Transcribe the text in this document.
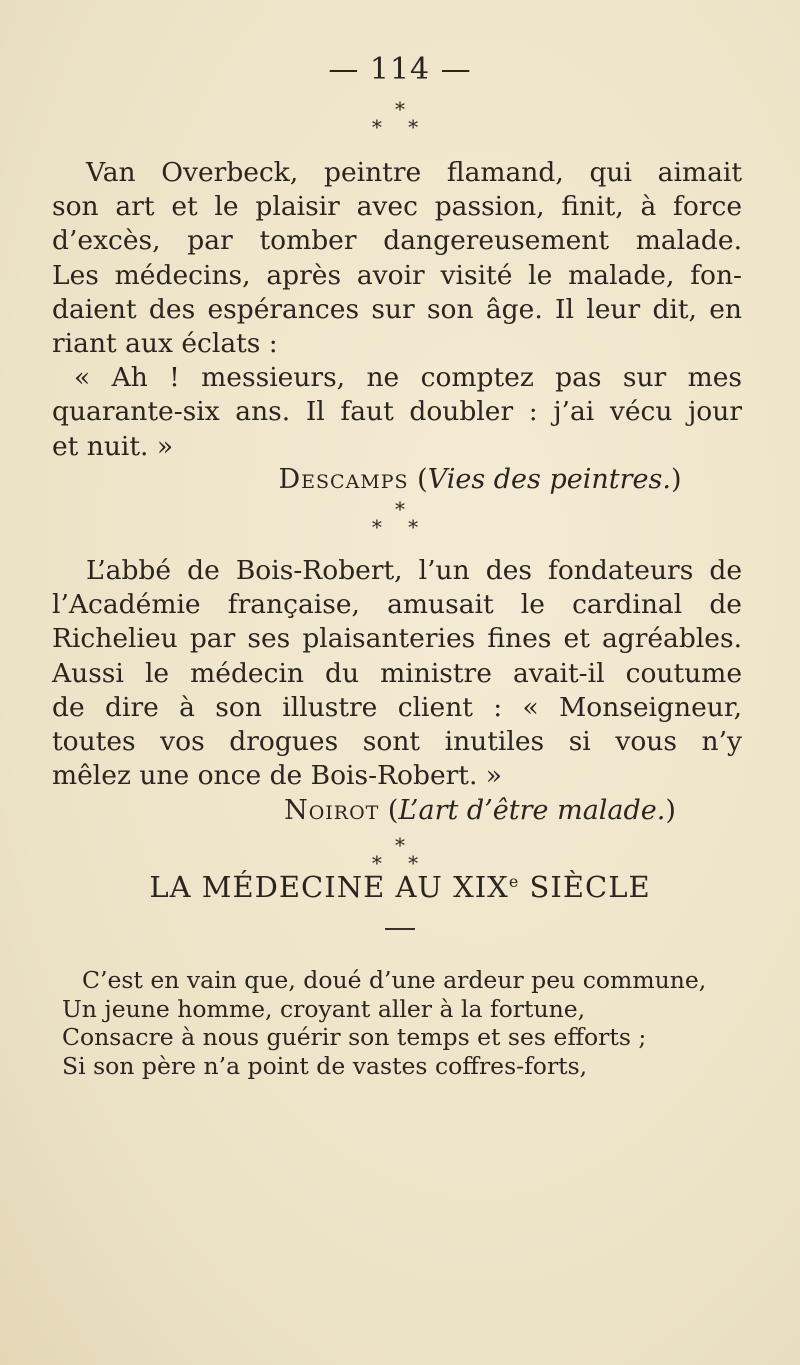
— 114 —
*
* *
Van Overbeck, peintre flamand, qui aimait
son art et le plaisir avec passion, finit, à force
d’excès, par tomber dangereusement malade.
Les médecins, après avoir visité le malade, fon-
daient des espérances sur son âge. Il leur dit, en
riant aux éclats :
« Ah ! messieurs, ne comptez pas sur mes
quarante-six ans. Il faut doubler : j’ai vécu jour
et nuit. »
Descamps (Vies des peintres.)
*
* *
L’abbé de Bois-Robert, l’un des fondateurs de
l’Académie française, amusait le cardinal de
Richelieu par ses plaisanteries fines et agréables.
Aussi le médecin du ministre avait-il coutume
de dire à son illustre client : « Monseigneur,
toutes vos drogues sont inutiles si vous n’y
mêlez une once de Bois-Robert. »
Noirot (L’art d’être malade.)
*
* *
LA MÉDECINE AU XIXe SIÈCLE
C’est en vain que, doué d’une ardeur peu commune,
Un jeune homme, croyant aller à la fortune,
Consacre à nous guérir son temps et ses efforts ;
Si son père n’a point de vastes coffres-forts,
